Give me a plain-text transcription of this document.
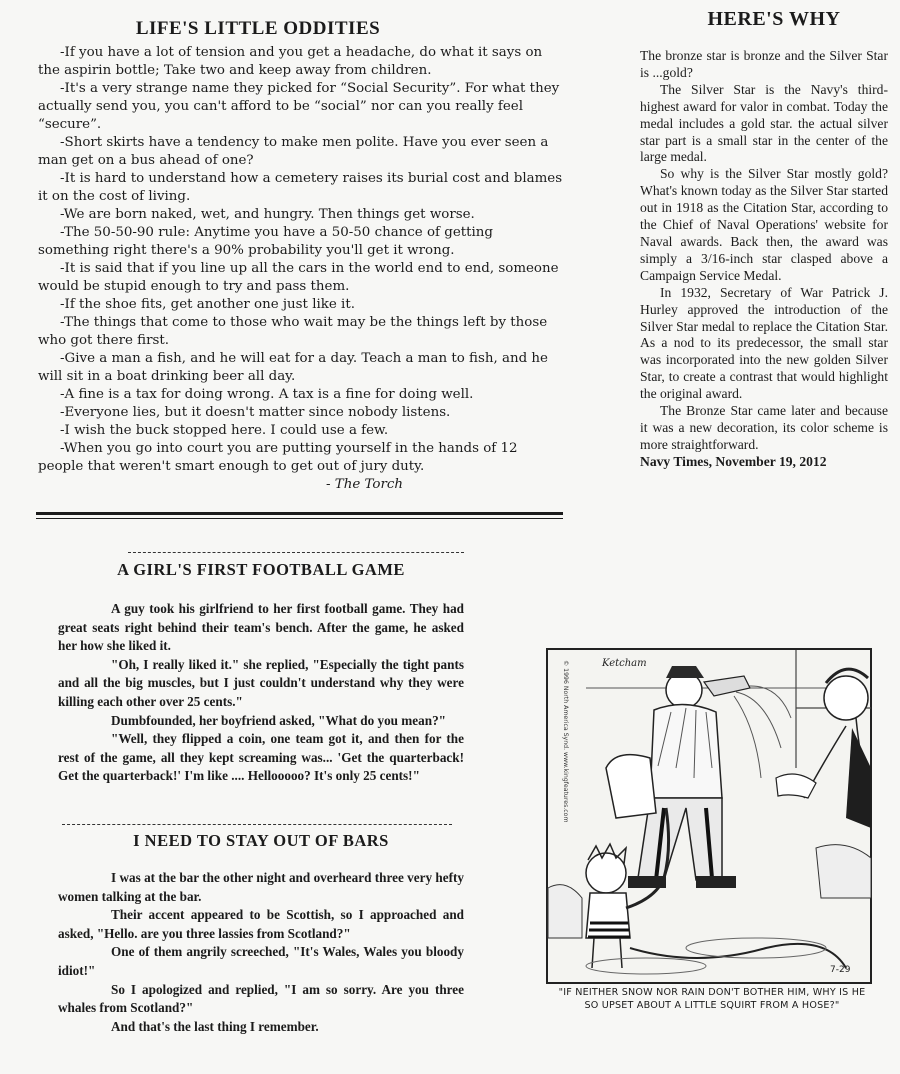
LIFE'S LITTLE ODDITIES

-If you have a lot of tension and you get a headache, do what it says on the aspirin bottle; Take two and keep away from children.

-It's a very strange name they picked for “Social Security”. For what they actually send you, you can't afford to be “social” nor can you really feel “secure”.

-Short skirts have a tendency to make men polite. Have you ever seen a man get on a bus ahead of one?

-It is hard to understand how a cemetery raises its burial cost and blames it on the cost of living.

-We are born naked, wet, and hungry. Then things get worse.

-The 50-50-90 rule: Anytime you have a 50-50 chance of getting something right there's a 90% probability you'll get it wrong.

-It is said that if you line up all the cars in the world end to end, someone would be stupid enough to try and pass them.

-If the shoe fits, get another one just like it.

-The things that come to those who wait may be the things left by those who got there first.

-Give a man a fish, and he will eat for a day. Teach a man to fish, and he will sit in a boat drinking beer all day.

-A fine is a tax for doing wrong. A tax is a fine for doing well.

-Everyone lies, but it doesn't matter since nobody listens.

-I wish the buck stopped here. I could use a few.

-When you go into court you are putting yourself in the hands of 12 people that weren't smart enough to get out of jury duty.

- The Torch

HERE'S WHY

The bronze star is bronze and the Silver Star is ...gold?

The Silver Star is the Navy's third-highest award for valor in combat. Today the medal includes a gold star. the actual silver star part is a small star in the center of the large medal.

So why is the Silver Star mostly gold? What's known today as the Silver Star started out in 1918 as the Citation Star, according to the Chief of Naval Operations' website for Naval awards. Back then, the award was simply a 3/16-inch star clasped above a Campaign Service Medal.

In 1932, Secretary of War Patrick J. Hurley approved the introduction of the Silver Star medal to replace the Citation Star. As a nod to its predecessor, the small star was incorporated into the new golden Silver Star, to create a contrast that would highlight the original award.

The Bronze Star came later and because it was a new decoration, its color scheme is more straightforward.

Navy Times, November 19, 2012

A GIRL'S FIRST FOOTBALL GAME

A guy took his girlfriend to her first football game. They had great seats right behind their team's bench. After the game, he asked her how she liked it.

"Oh, I really liked it." she replied, "Especially the tight pants and all the big muscles, but I just couldn't understand why they were killing each other over 25 cents."

Dumbfounded, her boyfriend asked, "What do you mean?"

"Well, they flipped a coin, one team got it, and then for the rest of the game, all they kept screaming was... 'Get the quarterback! Get the quarterback!' I'm like .... Hellooooo? It's only 25 cents!"

I NEED TO STAY OUT OF BARS

I was at the bar the other night and overheard three very hefty women talking at the bar.

Their accent appeared to be Scottish, so I approached and asked, "Hello. are you three lassies from Scotland?"

One of them angrily screeched, "It's Wales, Wales you bloody idiot!"

So I apologized and replied, "I am so sorry. Are you three whales from Scotland?"

And that's the last thing I remember.

Ketcham
© 1996 North America Synd. www.kingfeatures.com
7-29
"IF NEITHER SNOW NOR RAIN DON'T BOTHER HIM, WHY IS HE SO UPSET ABOUT A LITTLE SQUIRT FROM A HOSE?"
